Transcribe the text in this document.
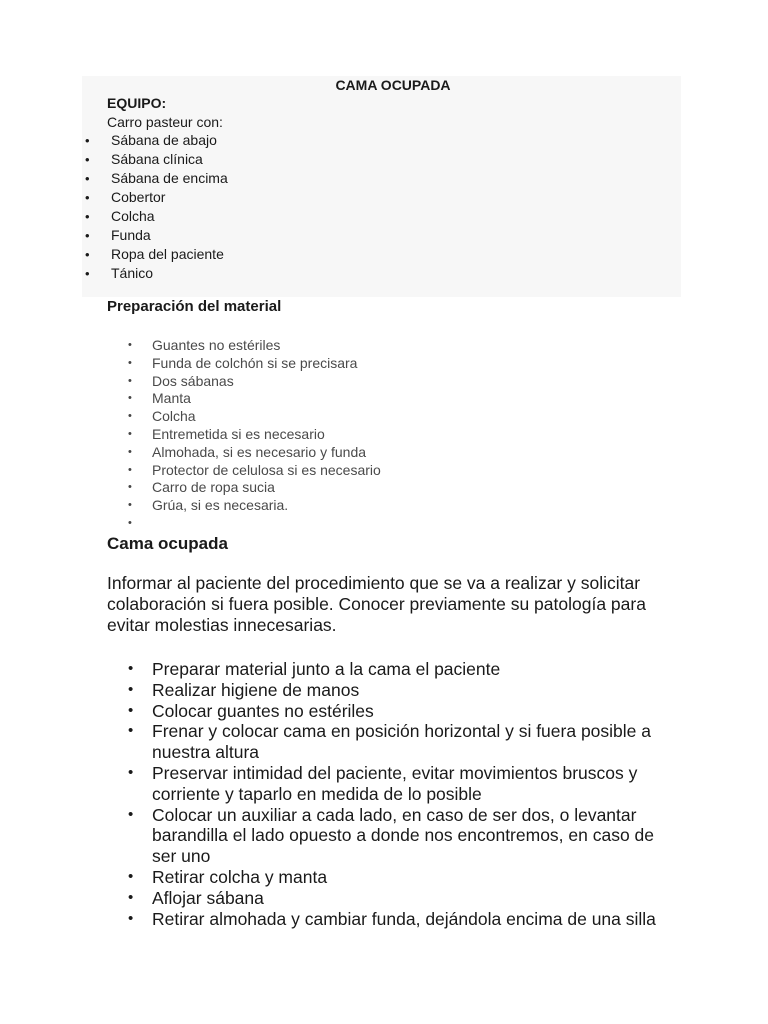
CAMA OCUPADA
EQUIPO:
Carro pasteur con:
• Sábana de abajo
• Sábana clínica
• Sábana de encima
• Cobertor
• Colcha
• Funda
• Ropa del paciente
• Tánico
Preparación del material
• Guantes no estériles
• Funda de colchón si se precisara
• Dos sábanas
• Manta
• Colcha
• Entremetida si es necesario
• Almohada, si es necesario y funda
• Protector de celulosa si es necesario
• Carro de ropa sucia
• Grúa, si es necesaria.
•
Cama ocupada

Informar al paciente del procedimiento que se va a realizar y solicitar colaboración si fuera posible. Conocer previamente su patología para evitar molestias innecesarias.

• Preparar material junto a la cama el paciente
• Realizar higiene de manos
• Colocar guantes no estériles
• Frenar y colocar cama en posición horizontal y si fuera posible a nuestra altura
• Preservar intimidad del paciente, evitar movimientos bruscos y corriente y taparlo en medida de lo posible
• Colocar un auxiliar a cada lado, en caso de ser dos, o levantar barandilla el lado opuesto a donde nos encontremos, en caso de ser uno
• Retirar colcha y manta
• Aflojar sábana
• Retirar almohada y cambiar funda, dejándola encima de una silla
